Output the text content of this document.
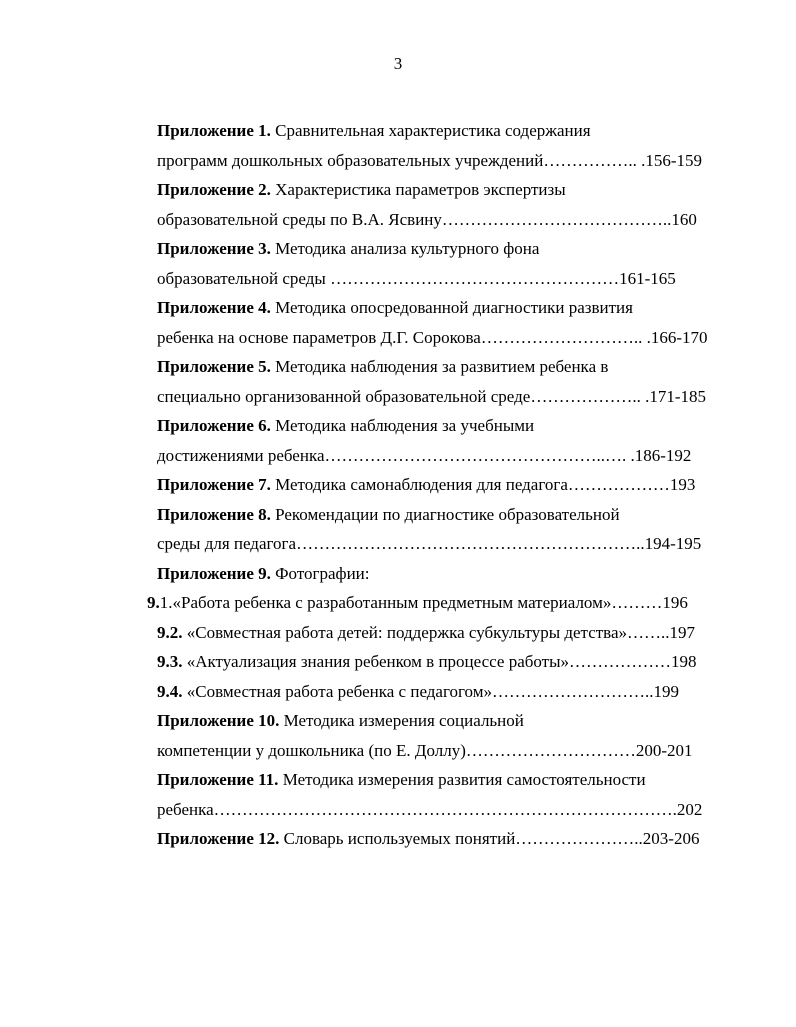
3
Приложение 1. Сравнительная характеристика содержания
программ дошкольных образовательных учреждений…………….. .156-159
Приложение 2. Характеристика параметров экспертизы
образовательной среды по В.А. Ясвину…………………………………..160
Приложение 3. Методика анализа культурного фона
образовательной среды ……………………………………………161-165
Приложение 4. Методика опосредованной диагностики развития
ребенка на основе параметров Д.Г. Сорокова……………………….. .166-170
Приложение 5. Методика наблюдения за развитием ребенка в
специально организованной образовательной среде……………….. .171-185
Приложение 6. Методика наблюдения за учебными
достижениями ребенка…………………………………………..…. .186-192
Приложение 7. Методика самонаблюдения для педагога………………193
Приложение 8. Рекомендации по диагностике образовательной
среды для педагога……………………………………………………..194-195
Приложение 9. Фотографии:
9.1.«Работа ребенка с разработанным предметным материалом»………196
9.2. «Совместная работа детей: поддержка субкультуры детства»……..197
9.3. «Актуализация знания ребенком в процессе работы»………………198
9.4. «Совместная работа ребенка с педагогом»………………………..199
Приложение 10. Методика измерения социальной
компетенции у дошкольника (по Е. Доллу)…………………………200-201
Приложение 11. Методика измерения развития самостоятельности
ребенка……………………………………………………………………….202
Приложение 12. Словарь используемых понятий…………………..203-206
